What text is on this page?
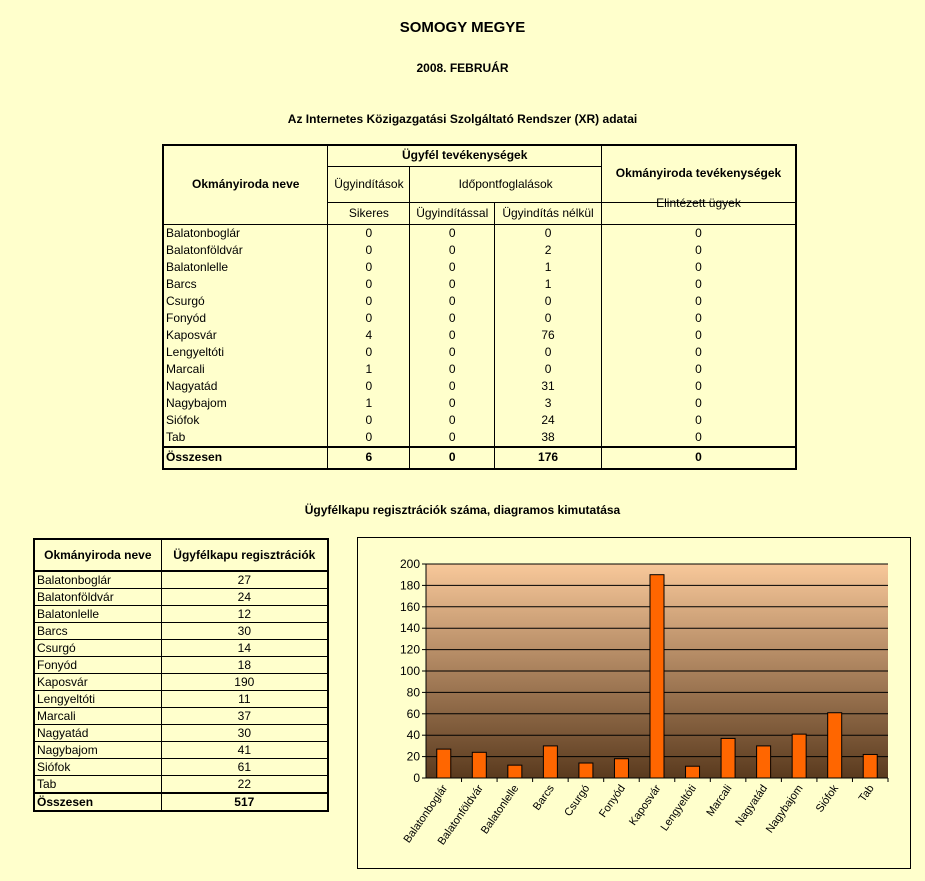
SOMOGY MEGYE
2008. FEBRUÁR
Az Internetes Közigazgatási Szolgáltató Rendszer (XR) adatai
Okmányiroda neve	Ügyfél tevékenységek			Okmányiroda tevékenységek
	Ügyindítások	Időpontfoglalások		
	Sikeres	Ügyindítással	Ügyindítás nélkül	Elintézett ügyek
Balatonboglár	0	0	0	0
Balatonföldvár	0	0	2	0
Balatonlelle	0	0	1	0
Barcs	0	0	1	0
Csurgó	0	0	0	0
Fonyód	0	0	0	0
Kaposvár	4	0	76	0
Lengyeltóti	0	0	0	0
Marcali	1	0	0	0
Nagyatád	0	0	31	0
Nagybajom	1	0	3	0
Siófok	0	0	24	0
Tab	0	0	38	0
Összesen	6	0	176	0
Ügyfélkapu regisztrációk száma, diagramos kimutatása
Okmányiroda neve	Ügyfélkapu regisztrációk
Balatonboglár	27
Balatonföldvár	24
Balatonlelle	12
Barcs	30
Csurgó	14
Fonyód	18
Kaposvár	190
Lengyeltóti	11
Marcali	37
Nagyatád	30
Nagybajom	41
Siófok	61
Tab	22
Összesen	517
0
20
40
60
80
100
120
140
160
180
200
Balatonboglár
Balatonföldvár
Balatonlelle Barcs Csurgó Fonyód Kaposvár
Lengyeltóti Marcali
Nagyatád
Nagybajom Siófok Tab
